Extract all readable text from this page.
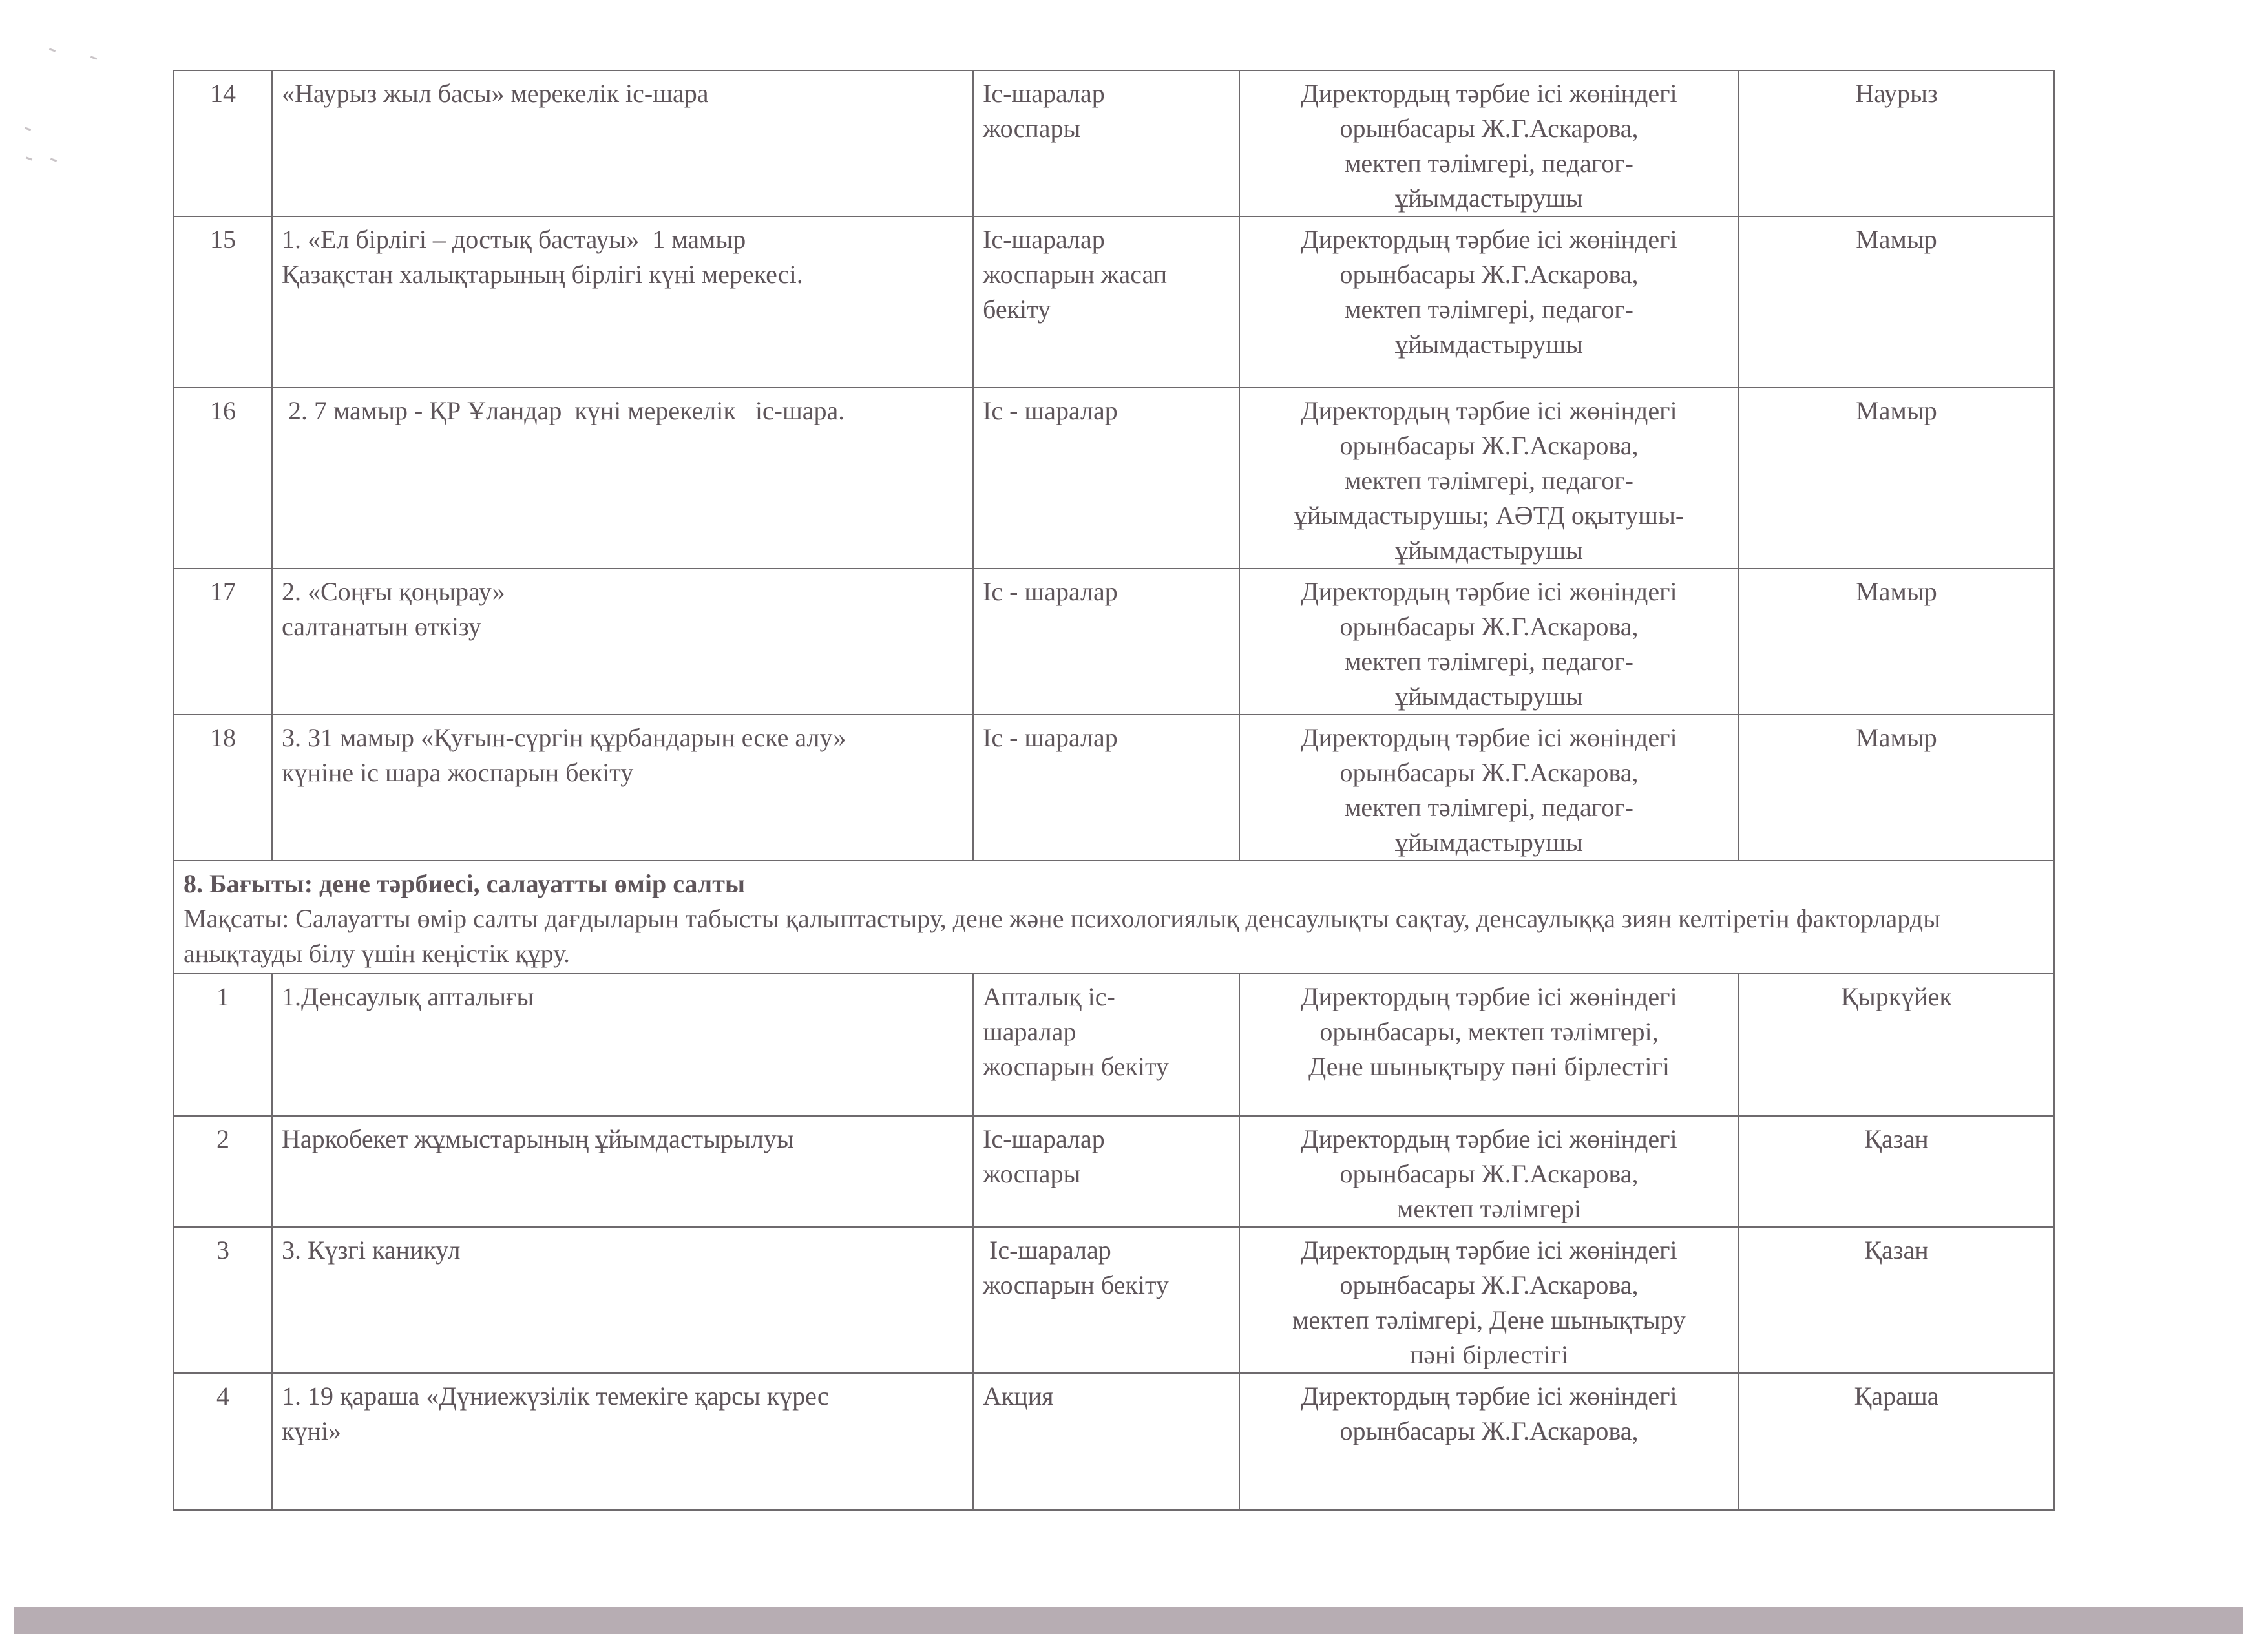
14	«Наурыз жыл басы» мерекелік іс-шара	Іс-шаралар
жоспары	Директордың тәрбие ісі жөніндегі
орынбасары Ж.Г.Аскарова,
мектеп тәлімгері, педагог-
ұйымдастырушы	Наурыз
15	1. «Ел бірлігі – достық бастауы»  1 мамыр
Қазақстан халықтарының бірлігі күні мерекесі.	Іс-шаралар
жоспарын жасап
бекіту	Директордың тәрбие ісі жөніндегі
орынбасары Ж.Г.Аскарова,
мектеп тәлімгері, педагог-
ұйымдастырушы	Мамыр
16	2. 7 мамыр - ҚР Ұландар  күні мерекелік   іс-шара.	Іс - шаралар	Директордың тәрбие ісі жөніндегі
орынбасары Ж.Г.Аскарова,
мектеп тәлімгері, педагог-
ұйымдастырушы; АӘТД оқытушы-
ұйымдастырушы	Мамыр
17	2. «Соңғы қоңырау»
салтанатын өткізу	Іс - шаралар	Директордың тәрбие ісі жөніндегі
орынбасары Ж.Г.Аскарова,
мектеп тәлімгері, педагог-
ұйымдастырушы	Мамыр
18	3. 31 мамыр «Қуғын-сүргін құрбандарын еске алу»
күніне іс шара жоспарын бекіту	Іс - шаралар	Директордың тәрбие ісі жөніндегі
орынбасары Ж.Г.Аскарова,
мектеп тәлімгері, педагог-
ұйымдастырушы	Мамыр

8. Бағыты: дене тәрбиесі, салауатты өмір салты
Мақсаты: Салауатты өмір салты дағдыларын табысты қалыптастыру, дене және психологиялық денсаулықты сақтау, денсаулыққа зиян келтіретін факторларды анықтауды білу үшін кеңістік құру.				

1	1.Денсаулық апталығы	Апталық іс-
шаралар
жоспарын бекіту	Директордың тәрбие ісі жөніндегі
орынбасары, мектеп тәлімгері,
Дене шынықтыру пәні бірлестігі	Қыркүйек
2	Наркобекет жұмыстарының ұйымдастырылуы	Іс-шаралар
жоспары	Директордың тәрбие ісі жөніндегі
орынбасары Ж.Г.Аскарова,
мектеп тәлімгері	Қазан
3	3. Күзгі каникул	Іс-шаралар
жоспарын бекіту	Директордың тәрбие ісі жөніндегі
орынбасары Ж.Г.Аскарова,
мектеп тәлімгері, Дене шынықтыру
пәні бірлестігі	Қазан
4	1. 19 қараша «Дүниежүзілік темекіге қарсы күрес
күні»	Акция	Директордың тәрбие ісі жөніндегі
орынбасары Ж.Г.Аскарова,	Қараша
